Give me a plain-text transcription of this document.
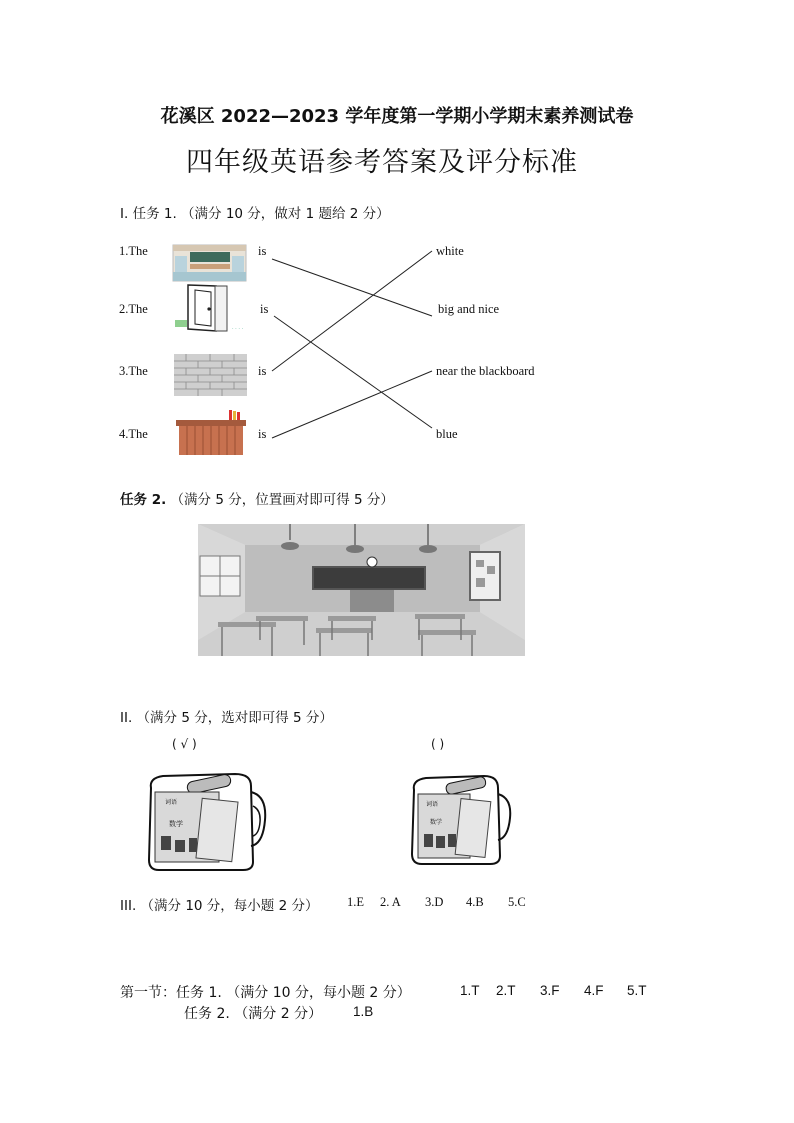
花溪区 2022—2023 学年度第一学期小学期末素养测试卷
四年级英语参考答案及评分标准
I. 任务 1. （满分 10 分，做对 1 题给 2 分）
1.The
2.The
3.The
4.The
is
is
is
is
white
big and nice
near the blackboard
blue
· · · ·
词语
数学
词语
数学
任务 2. （满分 5 分，位置画对即可得 5 分）
II. （满分 5 分，选对即可得 5 分）
( √ )	( )
III. （满分 10 分，每小题 2 分） 1.E 2. A 3.D 4.B 5.C
第一节：任务 1. （满分 10 分，每小题 2 分）	1.T 2.T 3.F 4.F 5.T
任务 2. （满分 2 分） 1.B
